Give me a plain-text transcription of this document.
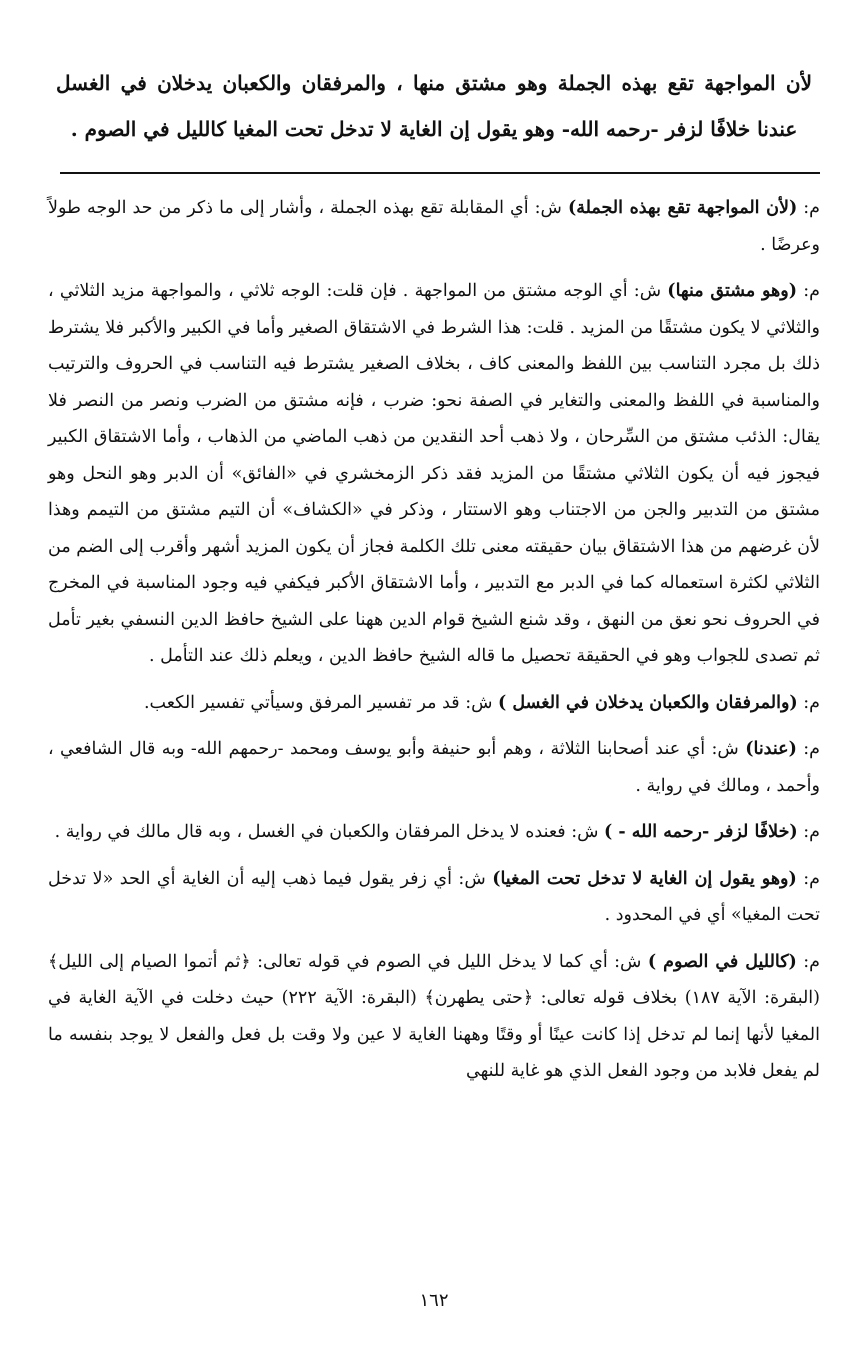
لأن المواجهة تقع بهذه الجملة وهو مشتق منها ، والمرفقان والكعبان يدخلان في الغسل عندنا خلافًا لزفر -رحمه الله- وهو يقول إن الغاية لا تدخل تحت المغيا كالليل في الصوم .

م: (لأن المواجهة تقع بهذه الجملة) ش: أي المقابلة تقع بهذه الجملة ، وأشار إلى ما ذكر من حد الوجه طولاً وعرضًا .

م: (وهو مشتق منها) ش: أي الوجه مشتق من المواجهة . فإن قلت: الوجه ثلاثي ، والمواجهة مزيد الثلاثي ، والثلاثي لا يكون مشتقًا من المزيد . قلت: هذا الشرط في الاشتقاق الصغير وأما في الكبير والأكبر فلا يشترط ذلك بل مجرد التناسب بين اللفظ والمعنى كاف ، بخلاف الصغير يشترط فيه التناسب في الحروف والترتيب والمناسبة في اللفظ والمعنى والتغاير في الصفة نحو: ضرب ، فإنه مشتق من الضرب ونصر من النصر فلا يقال: الذئب مشتق من السِّرحان ، ولا ذهب أحد النقدين من ذهب الماضي من الذهاب ، وأما الاشتقاق الكبير فيجوز فيه أن يكون الثلاثي مشتقًا من المزيد فقد ذكر الزمخشري في «الفائق» أن الدبر وهو النحل وهو مشتق من التدبير والجن من الاجتناب وهو الاستتار ، وذكر في «الكشاف» أن التيم مشتق من التيمم وهذا لأن غرضهم من هذا الاشتقاق بيان حقيقته معنى تلك الكلمة فجاز أن يكون المزيد أشهر وأقرب إلى الضم من الثلاثي لكثرة استعماله كما في الدبر مع التدبير ، وأما الاشتقاق الأكبر فيكفي فيه وجود المناسبة في المخرج في الحروف نحو نعق من النهق ، وقد شنع الشيخ قوام الدين ههنا على الشيخ حافظ الدين النسفي بغير تأمل ثم تصدى للجواب وهو في الحقيقة تحصيل ما قاله الشيخ حافظ الدين ، ويعلم ذلك عند التأمل .

م: (والمرفقان والكعبان يدخلان في الغسل ) ش: قد مر تفسير المرفق وسيأتي تفسير الكعب.

م: (عندنا) ش: أي عند أصحابنا الثلاثة ، وهم أبو حنيفة وأبو يوسف ومحمد -رحمهم الله- وبه قال الشافعي ، وأحمد ، ومالك في رواية .

م: (خلافًا لزفر -رحمه الله - ) ش: فعنده لا يدخل المرفقان والكعبان في الغسل ، وبه قال مالك في رواية .

م: (وهو يقول إن الغاية لا تدخل تحت المغيا) ش: أي زفر يقول فيما ذهب إليه أن الغاية أي الحد «لا تدخل تحت المغيا» أي في المحدود .

م: (كالليل في الصوم ) ش: أي كما لا يدخل الليل في الصوم في قوله تعالى: ﴿ثم أتموا الصيام إلى الليل﴾ (البقرة: الآية ١٨٧) بخلاف قوله تعالى: ﴿حتى يطهرن﴾ (البقرة: الآية ٢٢٢) حيث دخلت في الآية الغاية في المغيا لأنها إنما لم تدخل إذا كانت عينًا أو وقتًا وههنا الغاية لا عين ولا وقت بل فعل والفعل لا يوجد بنفسه ما لم يفعل فلابد من وجود الفعل الذي هو غاية للنهي

١٦٢
